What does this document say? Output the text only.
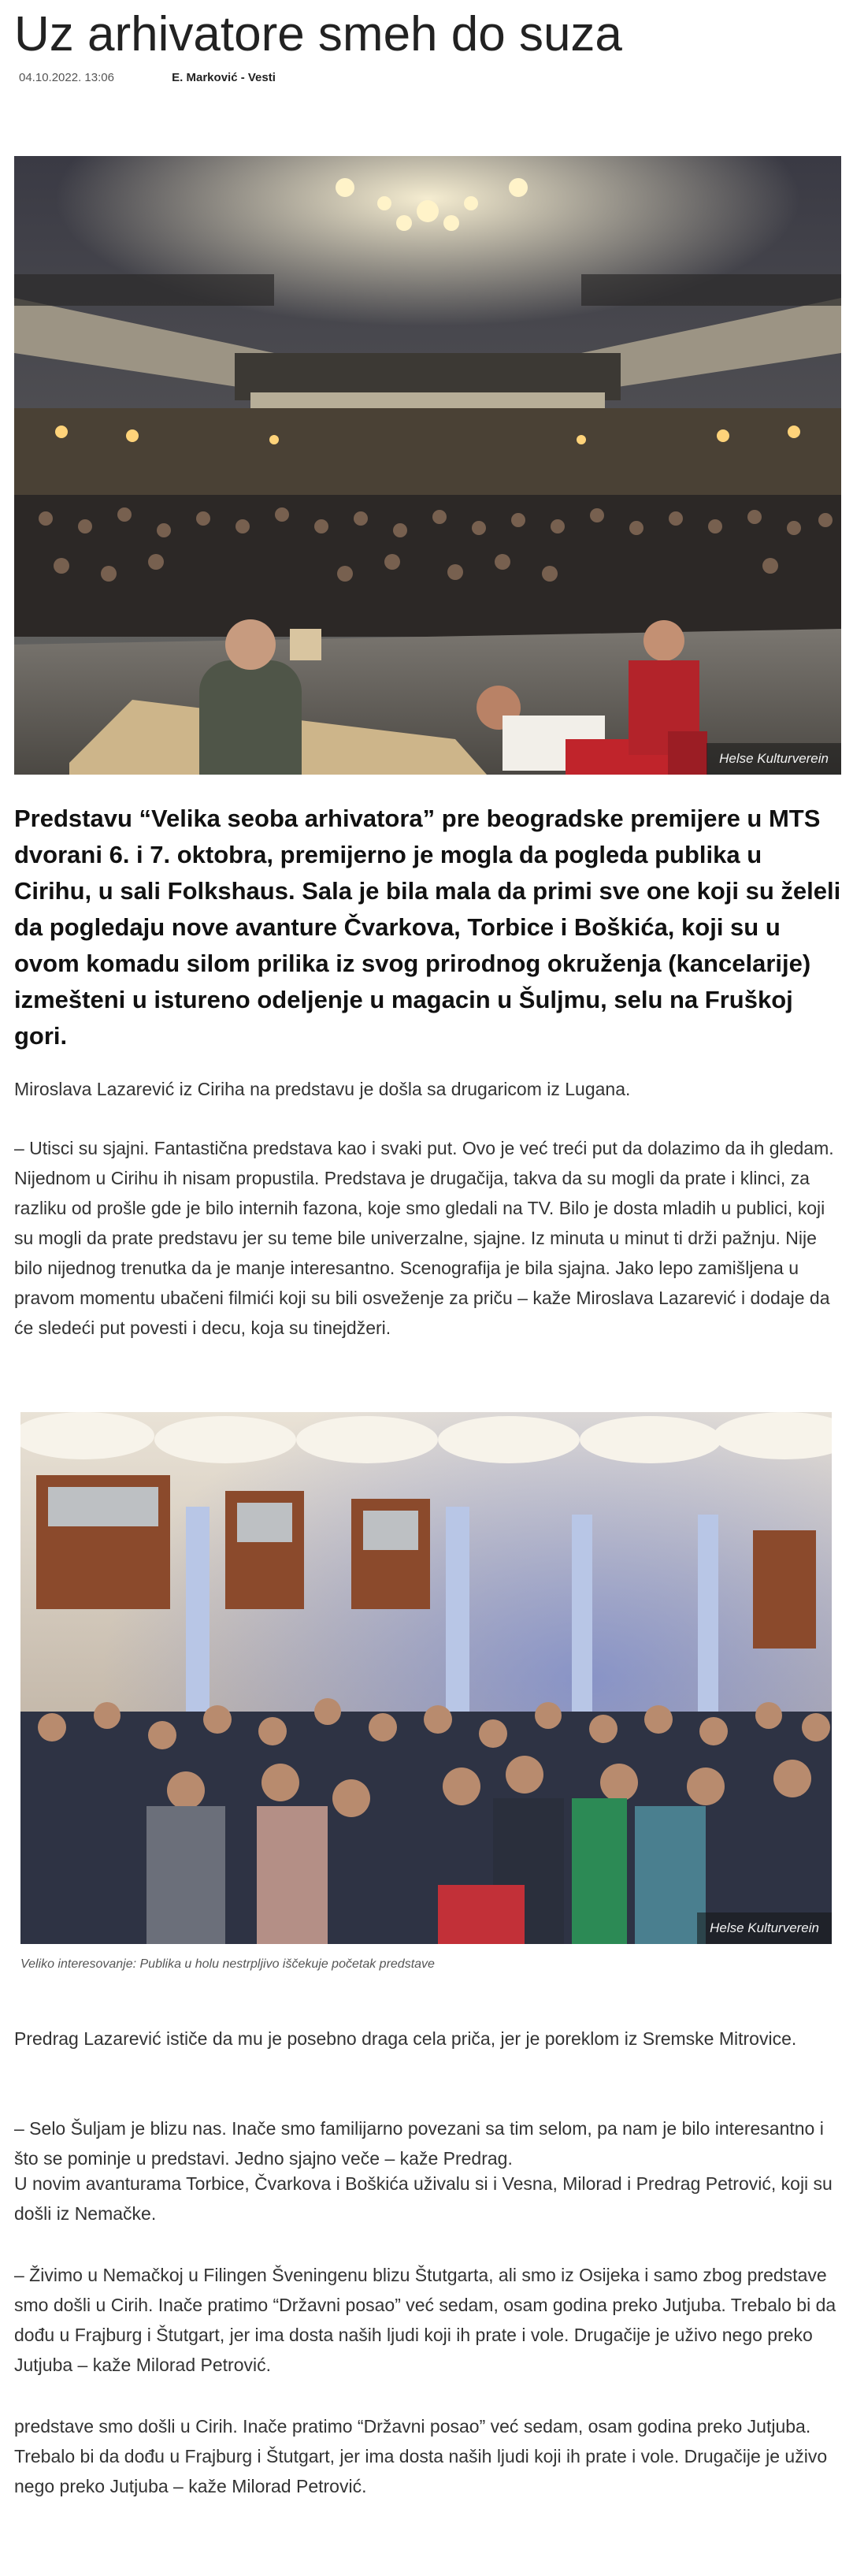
Uz arhivatore smeh do suza
04.10.2022. 13:06	E. Marković - Vesti
Helse Kulturverein

Predstavu “Velika seoba arhivatora” pre beogradske premijere u MTS dvorani 6. i 7. oktobra, premijerno je mogla da pogleda publika u Cirihu, u sali Folkshaus. Sala je bila mala da primi sve one koji su želeli da pogledaju nove avanture Čvarkova, Torbice i Boškića, koji su u ovom komadu silom prilika iz svog prirodnog okruženja (kancelarije) izmešteni u istureno odeljenje u magacin u Šuljmu, selu na Fruškoj gori.

Miroslava Lazarević iz Ciriha na predstavu je došla sa drugaricom iz Lugana.

– Utisci su sjajni. Fantastična predstava kao i svaki put. Ovo je već treći put da dolazimo da ih gledam. Nijednom u Cirihu ih nisam propustila. Predstava je drugačija, takva da su mogli da prate i klinci, za razliku od prošle gde je bilo internih fazona, koje smo gledali na TV. Bilo je dosta mladih u publici, koji su mogli da prate predstavu jer su teme bile univerzalne, sjajne. Iz minuta u minut ti drži pažnju. Nije bilo nijednog trenutka da je manje interesantno. Scenografija je bila sjajna. Jako lepo zamišljena u pravom momentu ubačeni filmići koji su bili osveženje za priču – kaže Miroslava Lazarević i dodaje da će sledeći put povesti i decu, koja su tinejdžeri.

Helse Kulturverein
Veliko interesovanje: Publika u holu nestrpljivo iščekuje početak predstave

Predrag Lazarević ističe da mu je posebno draga cela priča, jer je poreklom iz Sremske Mitrovice.

– Selo Šuljam je blizu nas. Inače smo familijarno povezani sa tim selom, pa nam je bilo interesantno i što se pominje u predstavi. Jedno sjajno veče – kaže Predrag.

U novim avanturama Torbice, Čvarkova i Boškića uživalu si i Vesna, Milorad i Predrag Petrović, koji su došli iz Nemačke.

– Živimo u Nemačkoj u Filingen Šveningenu blizu Štutgarta, ali smo iz Osijeka i samo zbog predstave smo došli u Cirih. Inače pratimo “Državni posao” već sedam, osam godina preko Jutjuba. Trebalo bi da dođu u Frajburg i Štutgart, jer ima dosta naših ljudi koji ih prate i vole. Drugačije je uživo nego preko Jutjuba – kaže Milorad Petrović.

predstave smo došli u Cirih. Inače pratimo “Državni posao” već sedam, osam godina preko Jutjuba. Trebalo bi da dođu u Frajburg i Štutgart, jer ima dosta naših ljudi koji ih prate i vole. Drugačije je uživo nego preko Jutjuba – kaže Milorad Petrović.
